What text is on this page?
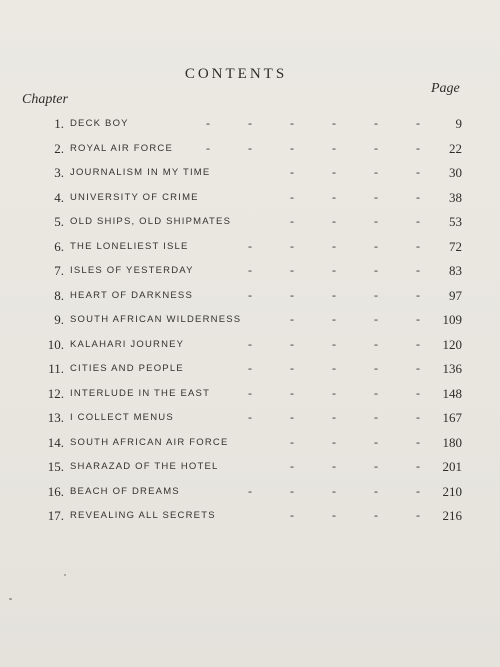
CONTENTS
Chapter
Page
1. DECK BOY	-	-	-	-	-	-	9
2. ROYAL AIR FORCE	-	-	-	-	-	- 22
3. JOURNALISM IN MY TIME	-	-	-	- 30
4. UNIVERSITY OF CRIME	-	-	-	- 38
5. OLD SHIPS, OLD SHIPMATES	-	-	-	- 53
6. THE LONELIEST ISLE	-	-	-	-	- 72
7. ISLES OF YESTERDAY	-	-	-	-	- 83
8. HEART OF DARKNESS	-	-	-	-	- 97
9. SOUTH AFRICAN WILDERNESS	-	-	-	- 109
10. KALAHARI JOURNEY	-	-	-	-	- 120
11. CITIES AND PEOPLE	-	-	-	-	- 136
12. INTERLUDE IN THE EAST	-	-	-	-	- 148
13. I COLLECT MENUS	-	-	-	-	- 167
14. SOUTH AFRICAN AIR FORCE	-	-	-	- 180
15. SHARAZAD OF THE HOTEL	-	-	-	- 201
16. BEACH OF DREAMS	-	-	-	-	- 210
17. REVEALING ALL SECRETS	-	-	-	- 216
